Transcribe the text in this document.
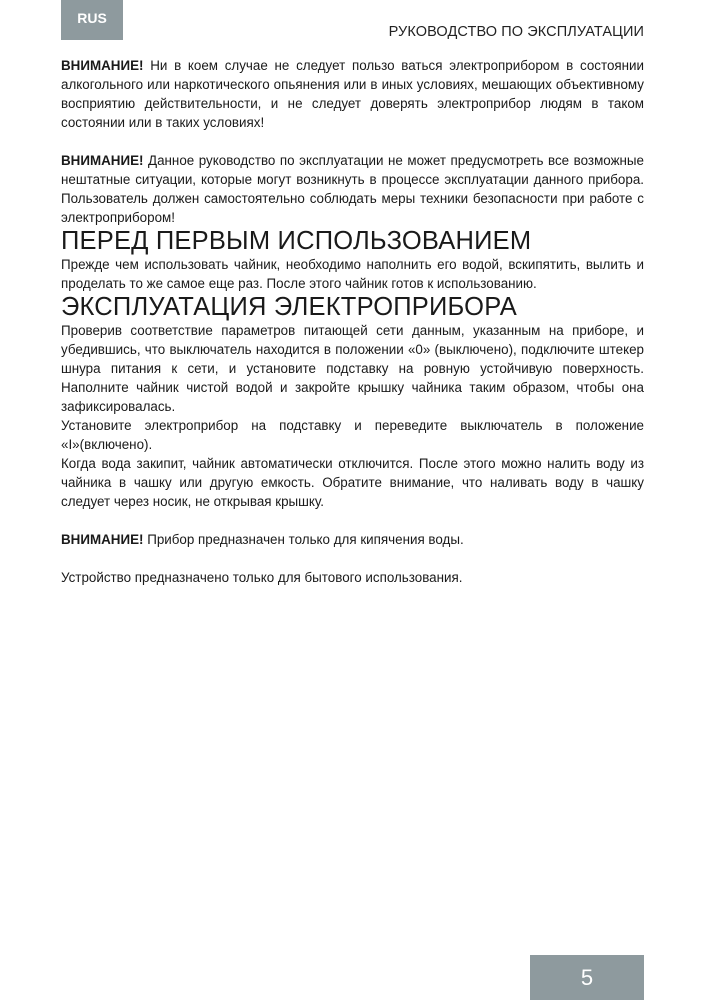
RUS
РУКОВОДСТВО ПО ЭКСПЛУАТАЦИИ

ВНИМАНИЕ! Ни в коем случае не следует пользо ваться электроприбором в состоянии алкогольного или наркотического опьянения или в иных условиях, мешающих объективному восприятию действительности, и не следует доверять электроприбор людям в таком состоянии или в таких условиях!

ВНИМАНИЕ! Данное руководство по эксплуатации не может предусмотреть все возможные нештатные ситуации, которые могут возникнуть в процессе эксплуатации данного прибора. Пользователь должен самостоятельно соблюдать меры техники безопасности при работе с электроприбором!

ПЕРЕД ПЕРВЫМ ИСПОЛЬЗОВАНИЕМ

Прежде чем использовать чайник, необходимо наполнить его водой, вскипятить, вылить и проделать то же самое еще раз. После этого чайник готов к использованию.

ЭКСПЛУАТАЦИЯ ЭЛЕКТРОПРИБОРА

Проверив соответствие параметров питающей сети данным, указанным на приборе, и убедившись, что выключатель находится в положении «0» (выключено), подключите штекер шнура питания к сети, и установите подставку на ровную устойчивую поверхность. Наполните чайник чистой водой и закройте крышку чайника таким образом, чтобы она зафиксировалась.

Установите электроприбор на подставку и переведите выключатель в положение «I»(включено).

Когда вода закипит, чайник автоматически отключится. После этого можно налить воду из чайника в чашку или другую емкость. Обратите внимание, что наливать воду в чашку следует через носик, не открывая крышку.

ВНИМАНИЕ! Прибор предназначен только для кипячения воды.

Устройство предназначено только для бытового использования.

5
